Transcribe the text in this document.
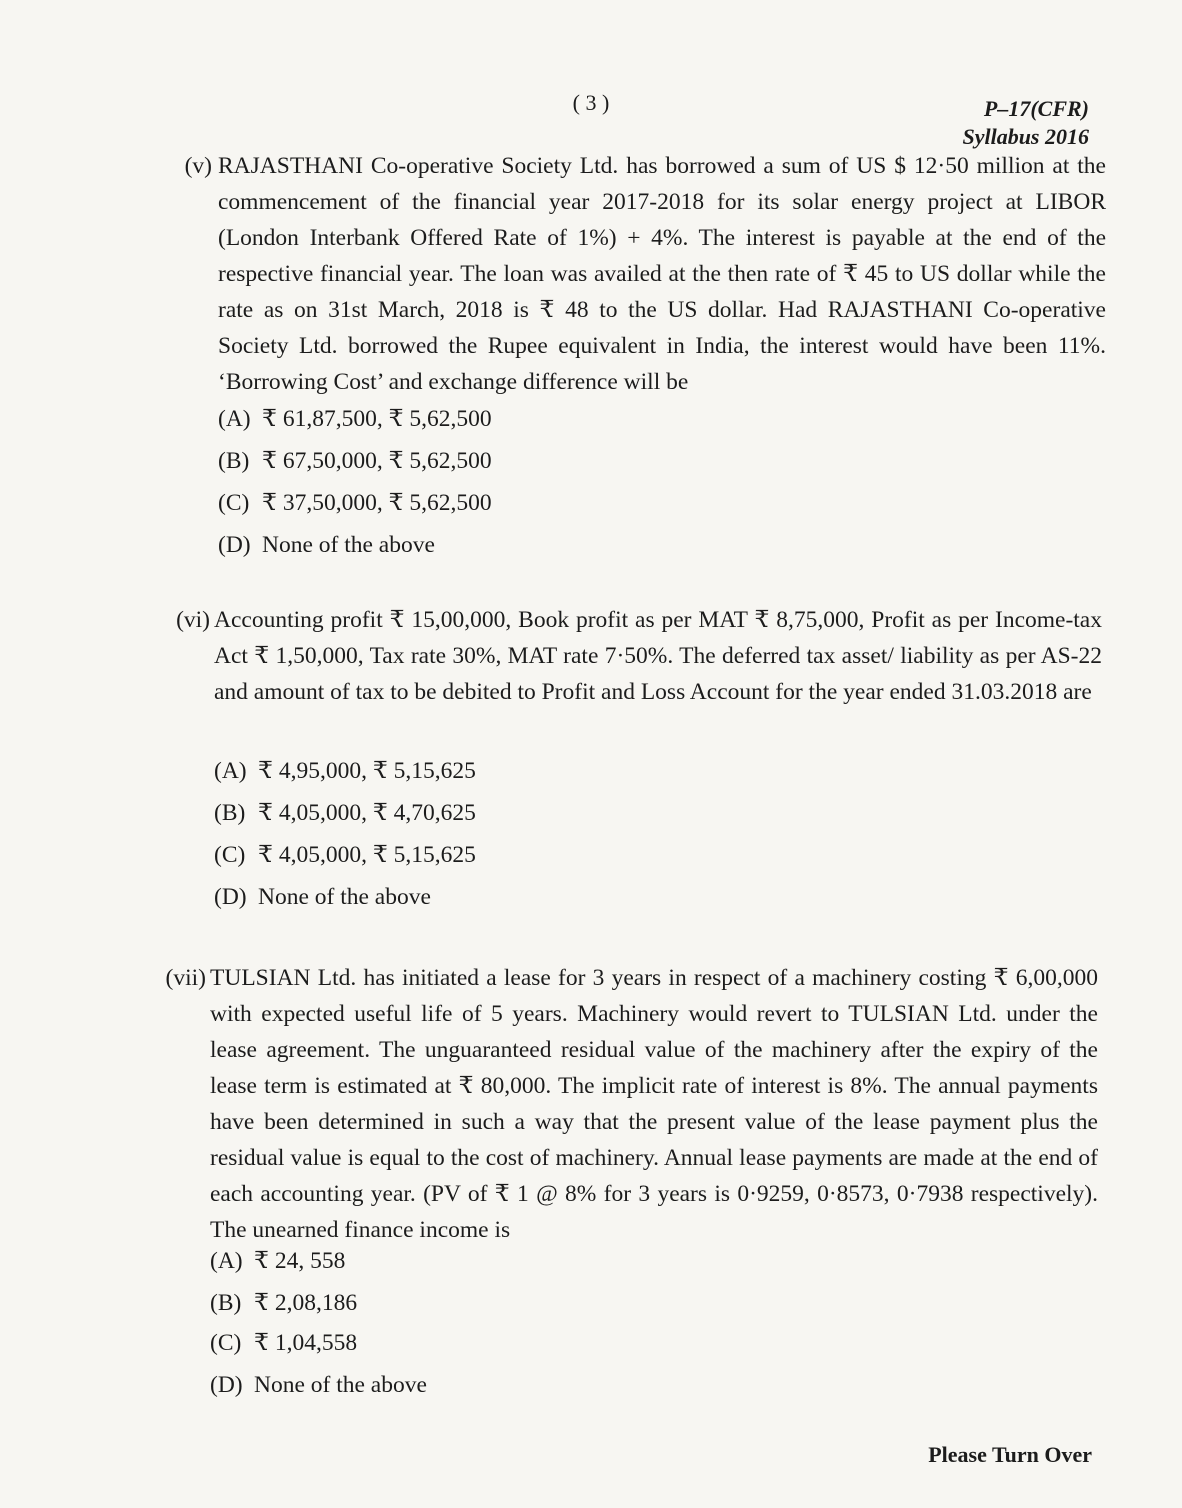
( 3 )	P–17(CFR)
Syllabus 2016
(v) RAJASTHANI Co-operative Society Ltd. has borrowed a sum of US $ 12·50 million at the commencement of the financial year 2017-2018 for its solar energy project at LIBOR (London Interbank Offered Rate of 1%) + 4%. The interest is payable at the end of the respective financial year. The loan was availed at the then rate of ₹ 45 to US dollar while the rate as on 31st March, 2018 is ₹ 48 to the US dollar. Had RAJASTHANI Co-operative Society Ltd. borrowed the Rupee equivalent in India, the interest would have been 11%. ‘Borrowing Cost’ and exchange difference will be
(A) ₹ 61,87,500, ₹ 5,62,500
(B) ₹ 67,50,000, ₹ 5,62,500
(C) ₹ 37,50,000, ₹ 5,62,500
(D) None of the above
(vi) Accounting profit ₹ 15,00,000, Book profit as per MAT ₹ 8,75,000, Profit as per Income-tax Act ₹ 1,50,000, Tax rate 30%, MAT rate 7·50%. The deferred tax asset/ liability as per AS-22 and amount of tax to be debited to Profit and Loss Account for the year ended 31.03.2018 are
(A) ₹ 4,95,000, ₹ 5,15,625
(B) ₹ 4,05,000, ₹ 4,70,625
(C) ₹ 4,05,000, ₹ 5,15,625
(D) None of the above
(vii) TULSIAN Ltd. has initiated a lease for 3 years in respect of a machinery costing ₹ 6,00,000 with expected useful life of 5 years. Machinery would revert to TULSIAN Ltd. under the lease agreement. The unguaranteed residual value of the machinery after the expiry of the lease term is estimated at ₹ 80,000. The implicit rate of interest is 8%. The annual payments have been determined in such a way that the present value of the lease payment plus the residual value is equal to the cost of machinery. Annual lease payments are made at the end of each accounting year. (PV of ₹ 1 @ 8% for 3 years is 0·9259, 0·8573, 0·7938 respectively). The unearned finance income is
(A) ₹ 24, 558
(B) ₹ 2,08,186
(C) ₹ 1,04,558
(D) None of the above
Please Turn Over
